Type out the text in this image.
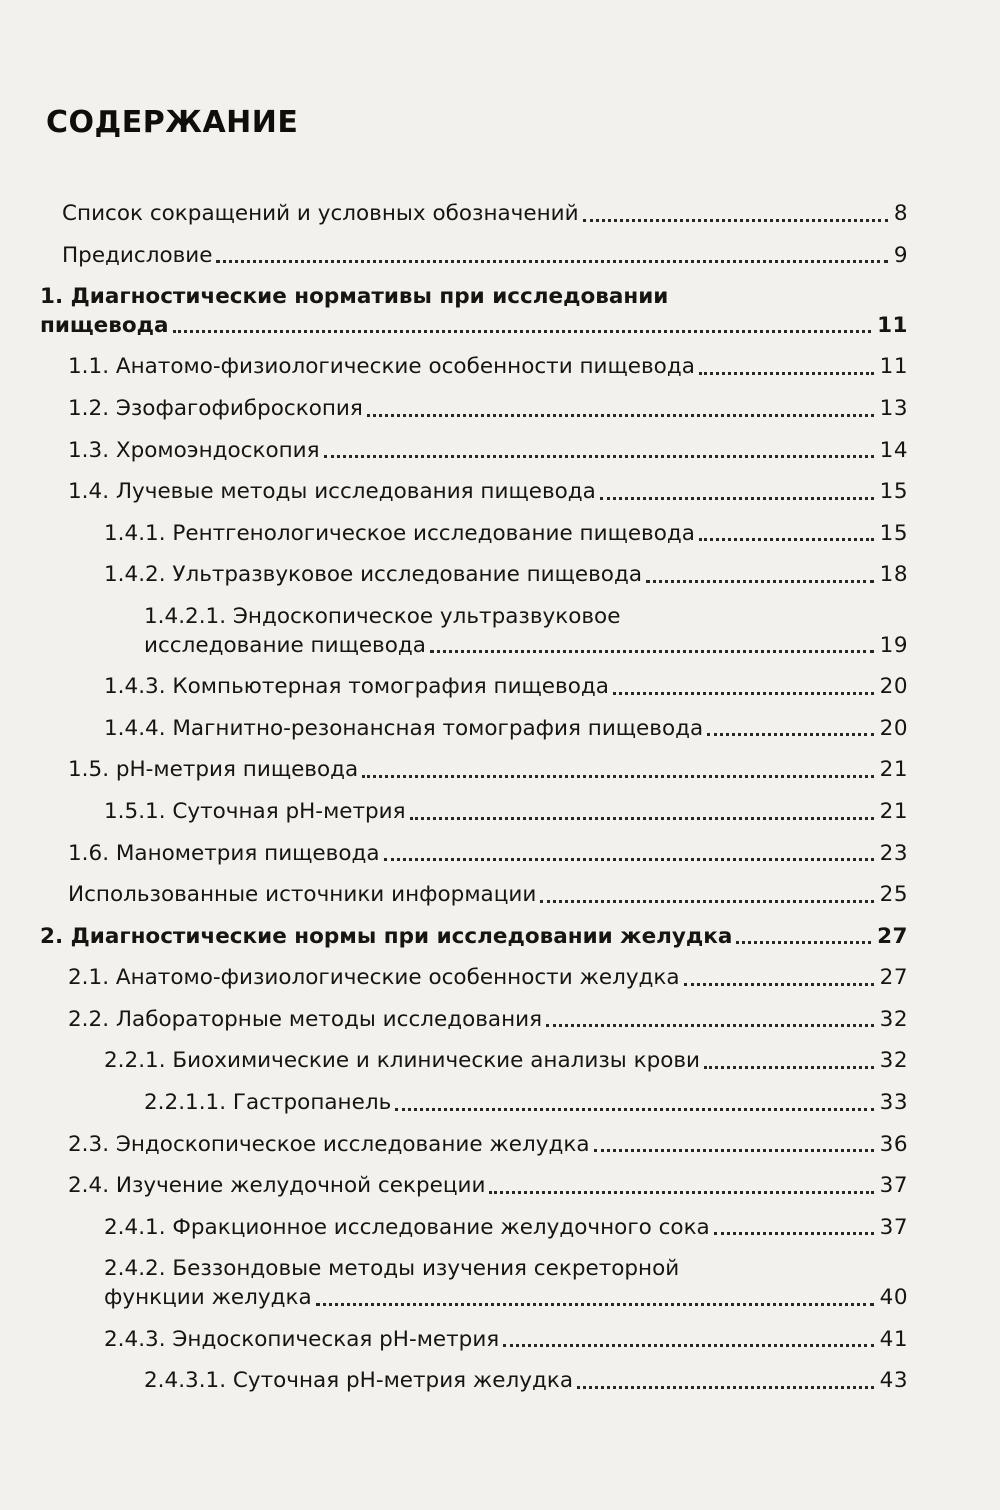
СОДЕРЖАНИЕ
Список сокращений и условных обозначений	8
Предисловие	9
1. Диагностические нормативы при исследовании
пищевода	11
1.1. Анатомо-физиологические особенности пищевода	11
1.2. Эзофагофиброскопия	13
1.3. Хромоэндоскопия	14
1.4. Лучевые методы исследования пищевода	15
1.4.1. Рентгенологическое исследование пищевода	15
1.4.2. Ультразвуковое исследование пищевода	18
1.4.2.1. Эндоскопическое ультразвуковое
исследование пищевода	19
1.4.3. Компьютерная томография пищевода	20
1.4.4. Магнитно-резонансная томография пищевода	20
1.5. pH-метрия пищевода	21
1.5.1. Суточная pH-метрия	21
1.6. Манометрия пищевода	23
Использованные источники информации	25
2. Диагностические нормы при исследовании желудка	27
2.1. Анатомо-физиологические особенности желудка	27
2.2. Лабораторные методы исследования	32
2.2.1. Биохимические и клинические анализы крови	32
2.2.1.1. Гастропанель	33
2.3. Эндоскопическое исследование желудка	36
2.4. Изучение желудочной секреции	37
2.4.1. Фракционное исследование желудочного сока	37
2.4.2. Беззондовые методы изучения секреторной
функции желудка	40
2.4.3. Эндоскопическая pH-метрия	41
2.4.3.1. Суточная pH-метрия желудка	43
